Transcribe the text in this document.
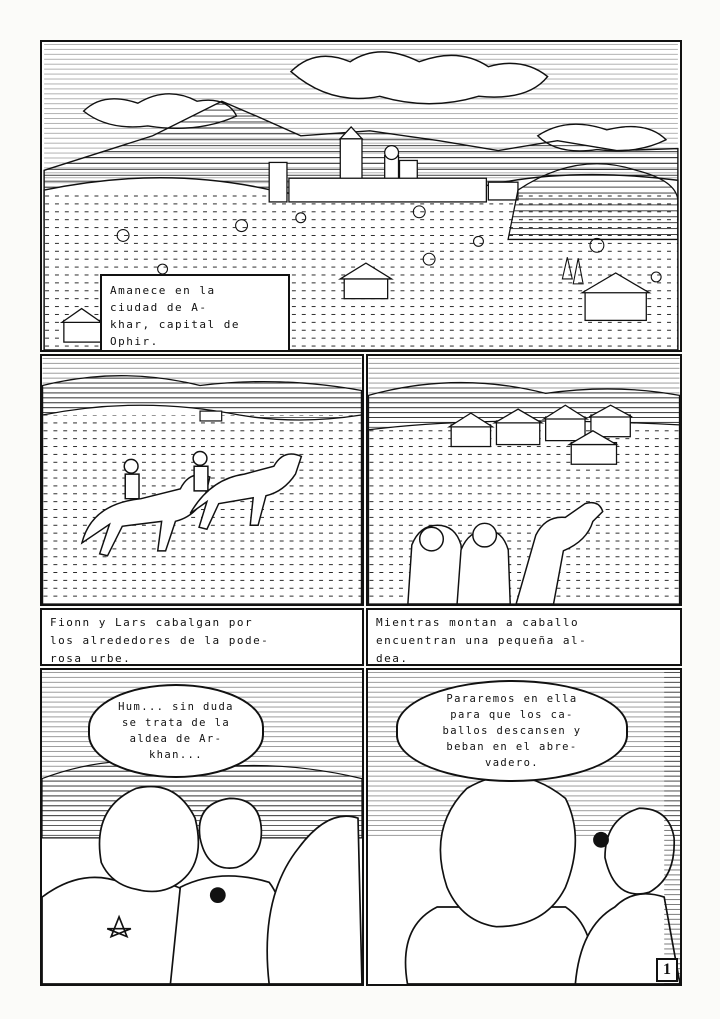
Amanece en la
ciudad de A-
khar, capital de
Ophir.
Fionn y Lars cabalgan por
los alrededores de la pode-
rosa urbe.
Mientras montan a caballo
encuentran una pequeña al-
dea.
Hum... sin duda
se trata de la
aldea de Ar-
khan...
Pararemos en ella
para que los ca-
ballos descansen y
beban en el abre-
vadero.
1
